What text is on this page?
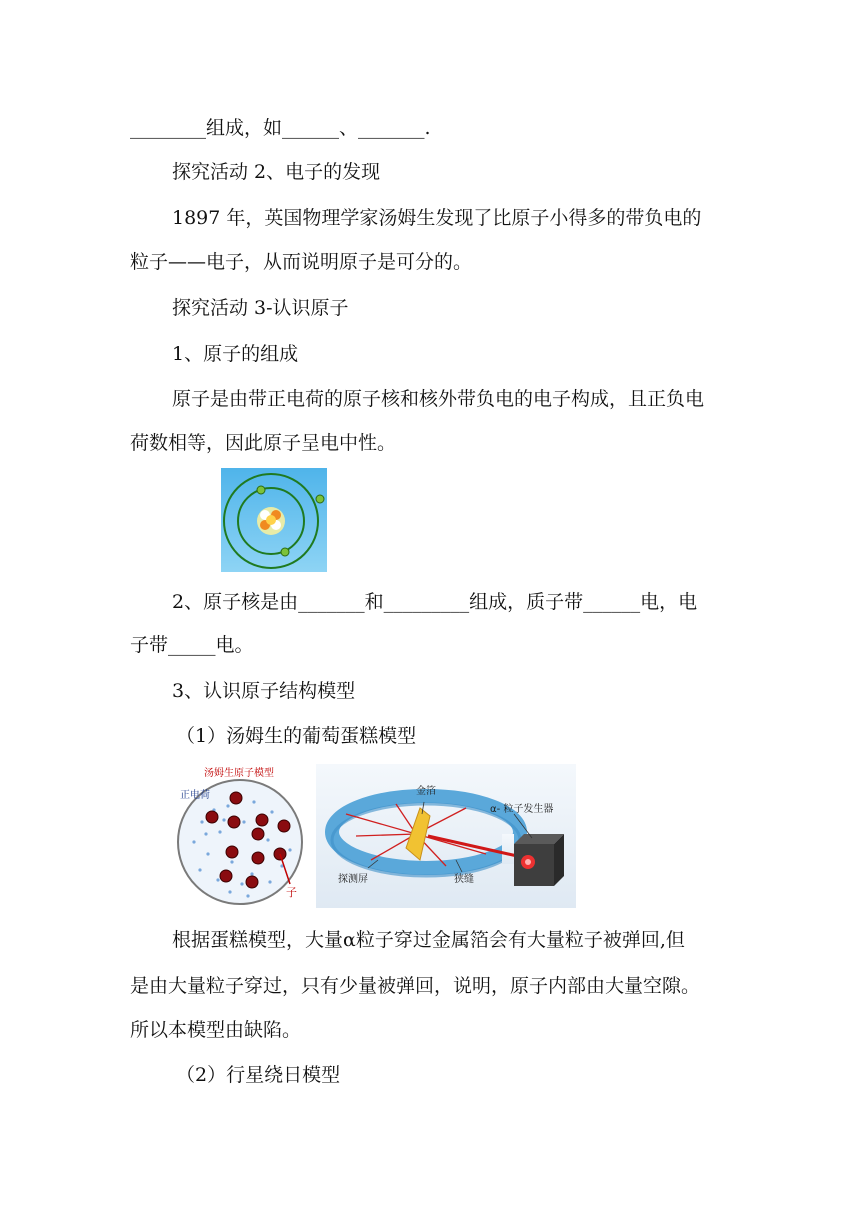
________组成，如______、_______.
探究活动 2、电子的发现
1897 年，英国物理学家汤姆生发现了比原子小得多的带负电的
粒子——电子，从而说明原子是可分的。
探究活动 3-认识原子
1、原子的组成
原子是由带正电荷的原子核和核外带负电的电子构成，且正负电
荷数相等，因此原子呈电中性。
2、原子核是由_______和_________组成，质子带______电，电
子带_____电。
3、认识原子结构模型
（1）汤姆生的葡萄蛋糕模型
汤姆生原子模型
正电荷
子
金箔
α- 粒子发生器
探测屏	狭缝
根据蛋糕模型，大量α粒子穿过金属箔会有大量粒子被弹回,但
是由大量粒子穿过，只有少量被弹回，说明，原子内部由大量空隙。
所以本模型由缺陷。
（2）行星绕日模型
